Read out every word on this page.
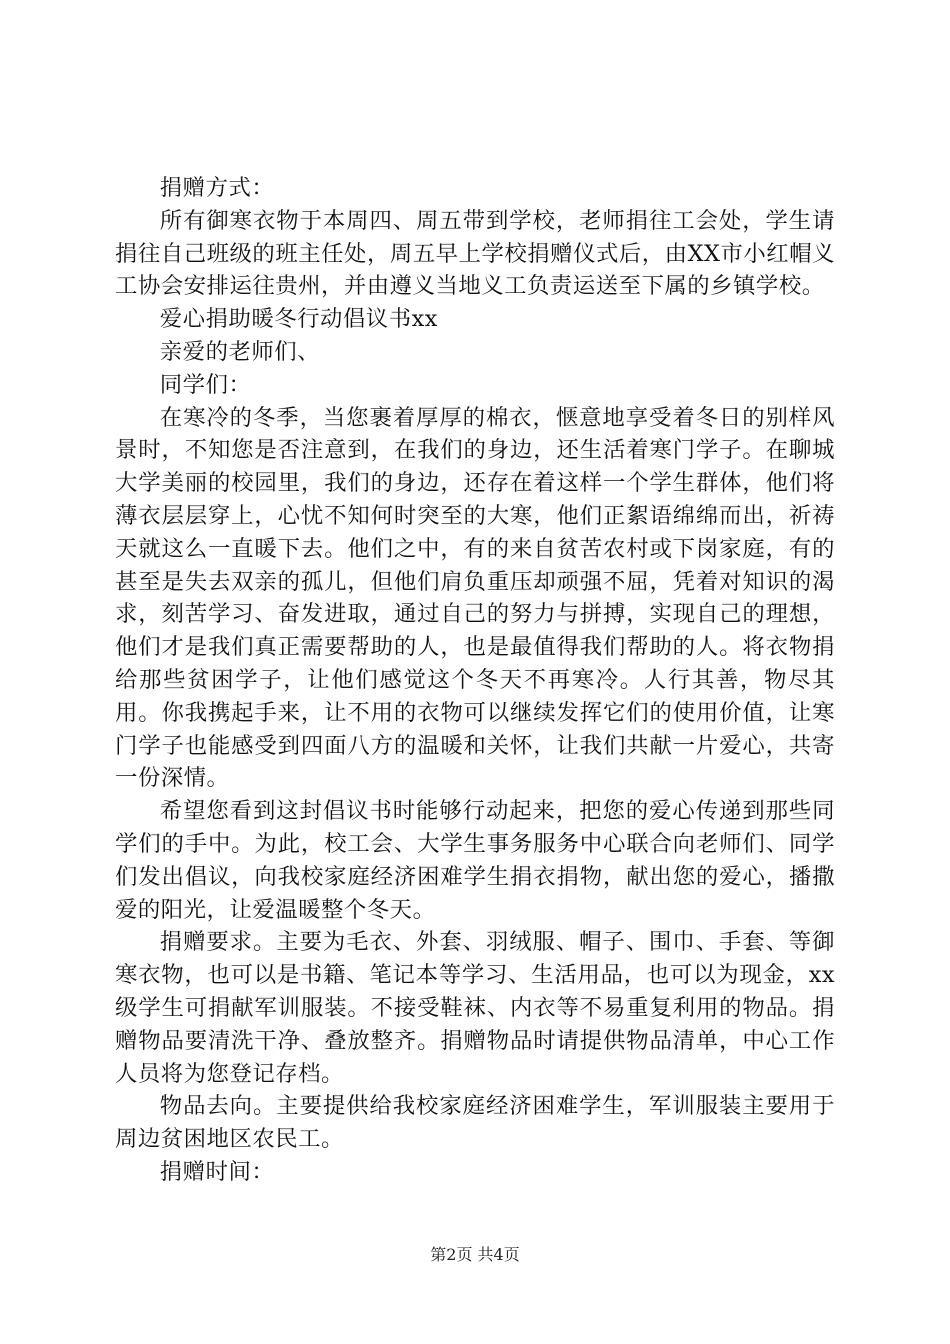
捐赠方式：

所有御寒衣物于本周四、周五带到学校，老师捐往工会处，学生请捐往自己班级的班主任处，周五早上学校捐赠仪式后，由XX市小红帽义工协会安排运往贵州，并由遵义当地义工负责运送至下属的乡镇学校。

爱心捐助暖冬行动倡议书xx

亲爱的老师们、

同学们：

在寒冷的冬季，当您裹着厚厚的棉衣，惬意地享受着冬日的别样风景时，不知您是否注意到，在我们的身边，还生活着寒门学子。在聊城大学美丽的校园里，我们的身边，还存在着这样一个学生群体，他们将薄衣层层穿上，心忧不知何时突至的大寒，他们正絮语绵绵而出，祈祷天就这么一直暖下去。他们之中，有的来自贫苦农村或下岗家庭，有的甚至是失去双亲的孤儿，但他们肩负重压却顽强不屈，凭着对知识的渴求，刻苦学习、奋发进取，通过自己的努力与拼搏，实现自己的理想，他们才是我们真正需要帮助的人，也是最值得我们帮助的人。将衣物捐给那些贫困学子，让他们感觉这个冬天不再寒冷。人行其善，物尽其用。你我携起手来，让不用的衣物可以继续发挥它们的使用价值，让寒门学子也能感受到四面八方的温暖和关怀，让我们共献一片爱心，共寄一份深情。

希望您看到这封倡议书时能够行动起来，把您的爱心传递到那些同学们的手中。为此，校工会、大学生事务服务中心联合向老师们、同学们发出倡议，向我校家庭经济困难学生捐衣捐物，献出您的爱心，播撒爱的阳光，让爱温暖整个冬天。

捐赠要求。主要为毛衣、外套、羽绒服、帽子、围巾、手套、等御寒衣物，也可以是书籍、笔记本等学习、生活用品，也可以为现金，xx级学生可捐献军训服装。不接受鞋袜、内衣等不易重复利用的物品。捐赠物品要清洗干净、叠放整齐。捐赠物品时请提供物品清单，中心工作人员将为您登记存档。

物品去向。主要提供给我校家庭经济困难学生，军训服装主要用于周边贫困地区农民工。

捐赠时间：

第2页 共4页
